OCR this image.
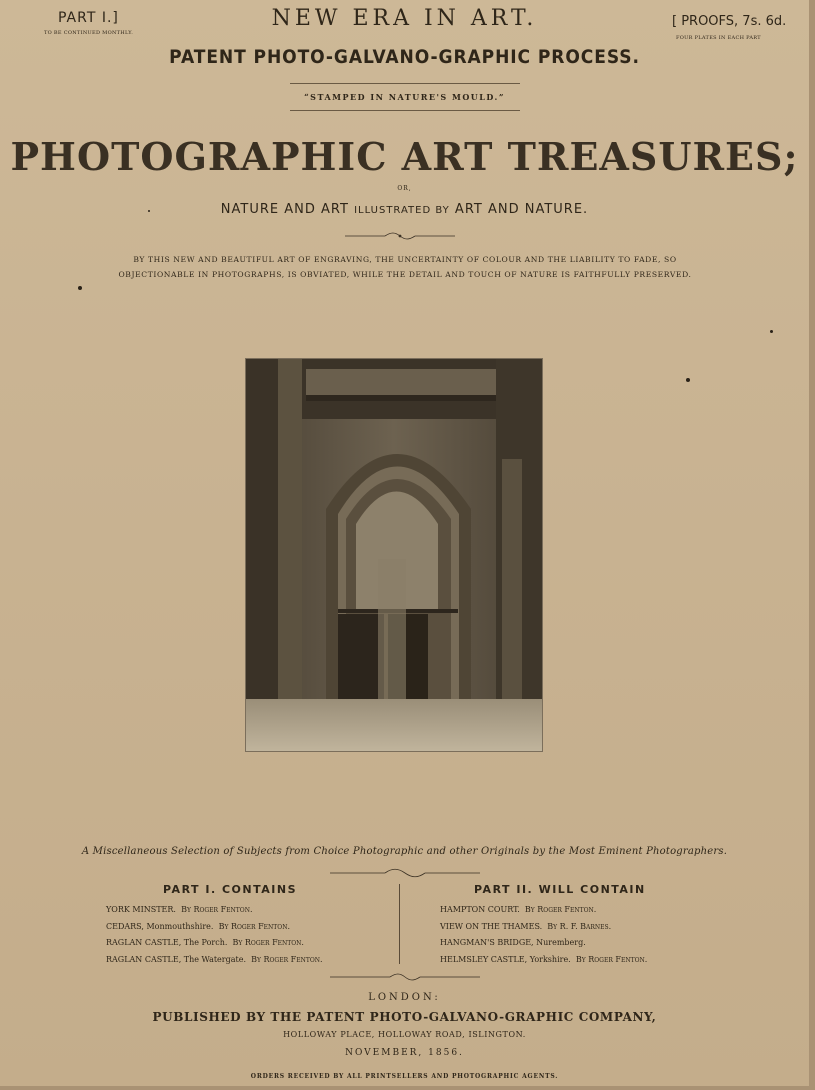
PART I.]
TO BE CONTINUED MONTHLY.
[ PROOFS, 7s. 6d.
FOUR PLATES IN EACH PART
NEW ERA IN ART.
PATENT PHOTO-GALVANO-GRAPHIC PROCESS.
“STAMPED IN NATURE'S MOULD.”
PHOTOGRAPHIC ART TREASURES;
OR,
NATURE AND ART ILLUSTRATED BY ART AND NATURE.
BY THIS NEW AND BEAUTIFUL ART OF ENGRAVING, THE UNCERTAINTY OF COLOUR AND THE LIABILITY TO FADE, SO OBJECTIONABLE IN PHOTOGRAPHS, IS OBVIATED, WHILE THE DETAIL AND TOUCH OF NATURE IS FAITHFULLY PRESERVED.
A Miscellaneous Selection of Subjects from Choice Photographic and other Originals by the Most Eminent Photographers.
PART I. CONTAINS	PART II. WILL CONTAIN
YORK MINSTER. By Roger Fenton.
CEDARS, Monmouthshire. By Roger Fenton.
RAGLAN CASTLE, The Porch. By Roger Fenton.
RAGLAN CASTLE, The Watergate. By Roger Fenton.
HAMPTON COURT. By Roger Fenton.
VIEW ON THE THAMES. By R. F. Barnes.
HANGMAN'S BRIDGE, Nuremberg.
HELMSLEY CASTLE, Yorkshire. By Roger Fenton.
LONDON:
PUBLISHED BY THE PATENT PHOTO-GALVANO-GRAPHIC COMPANY,
HOLLOWAY PLACE, HOLLOWAY ROAD, ISLINGTON.
NOVEMBER, 1856.
ORDERS RECEIVED BY ALL PRINTSELLERS AND PHOTOGRAPHIC AGENTS.
